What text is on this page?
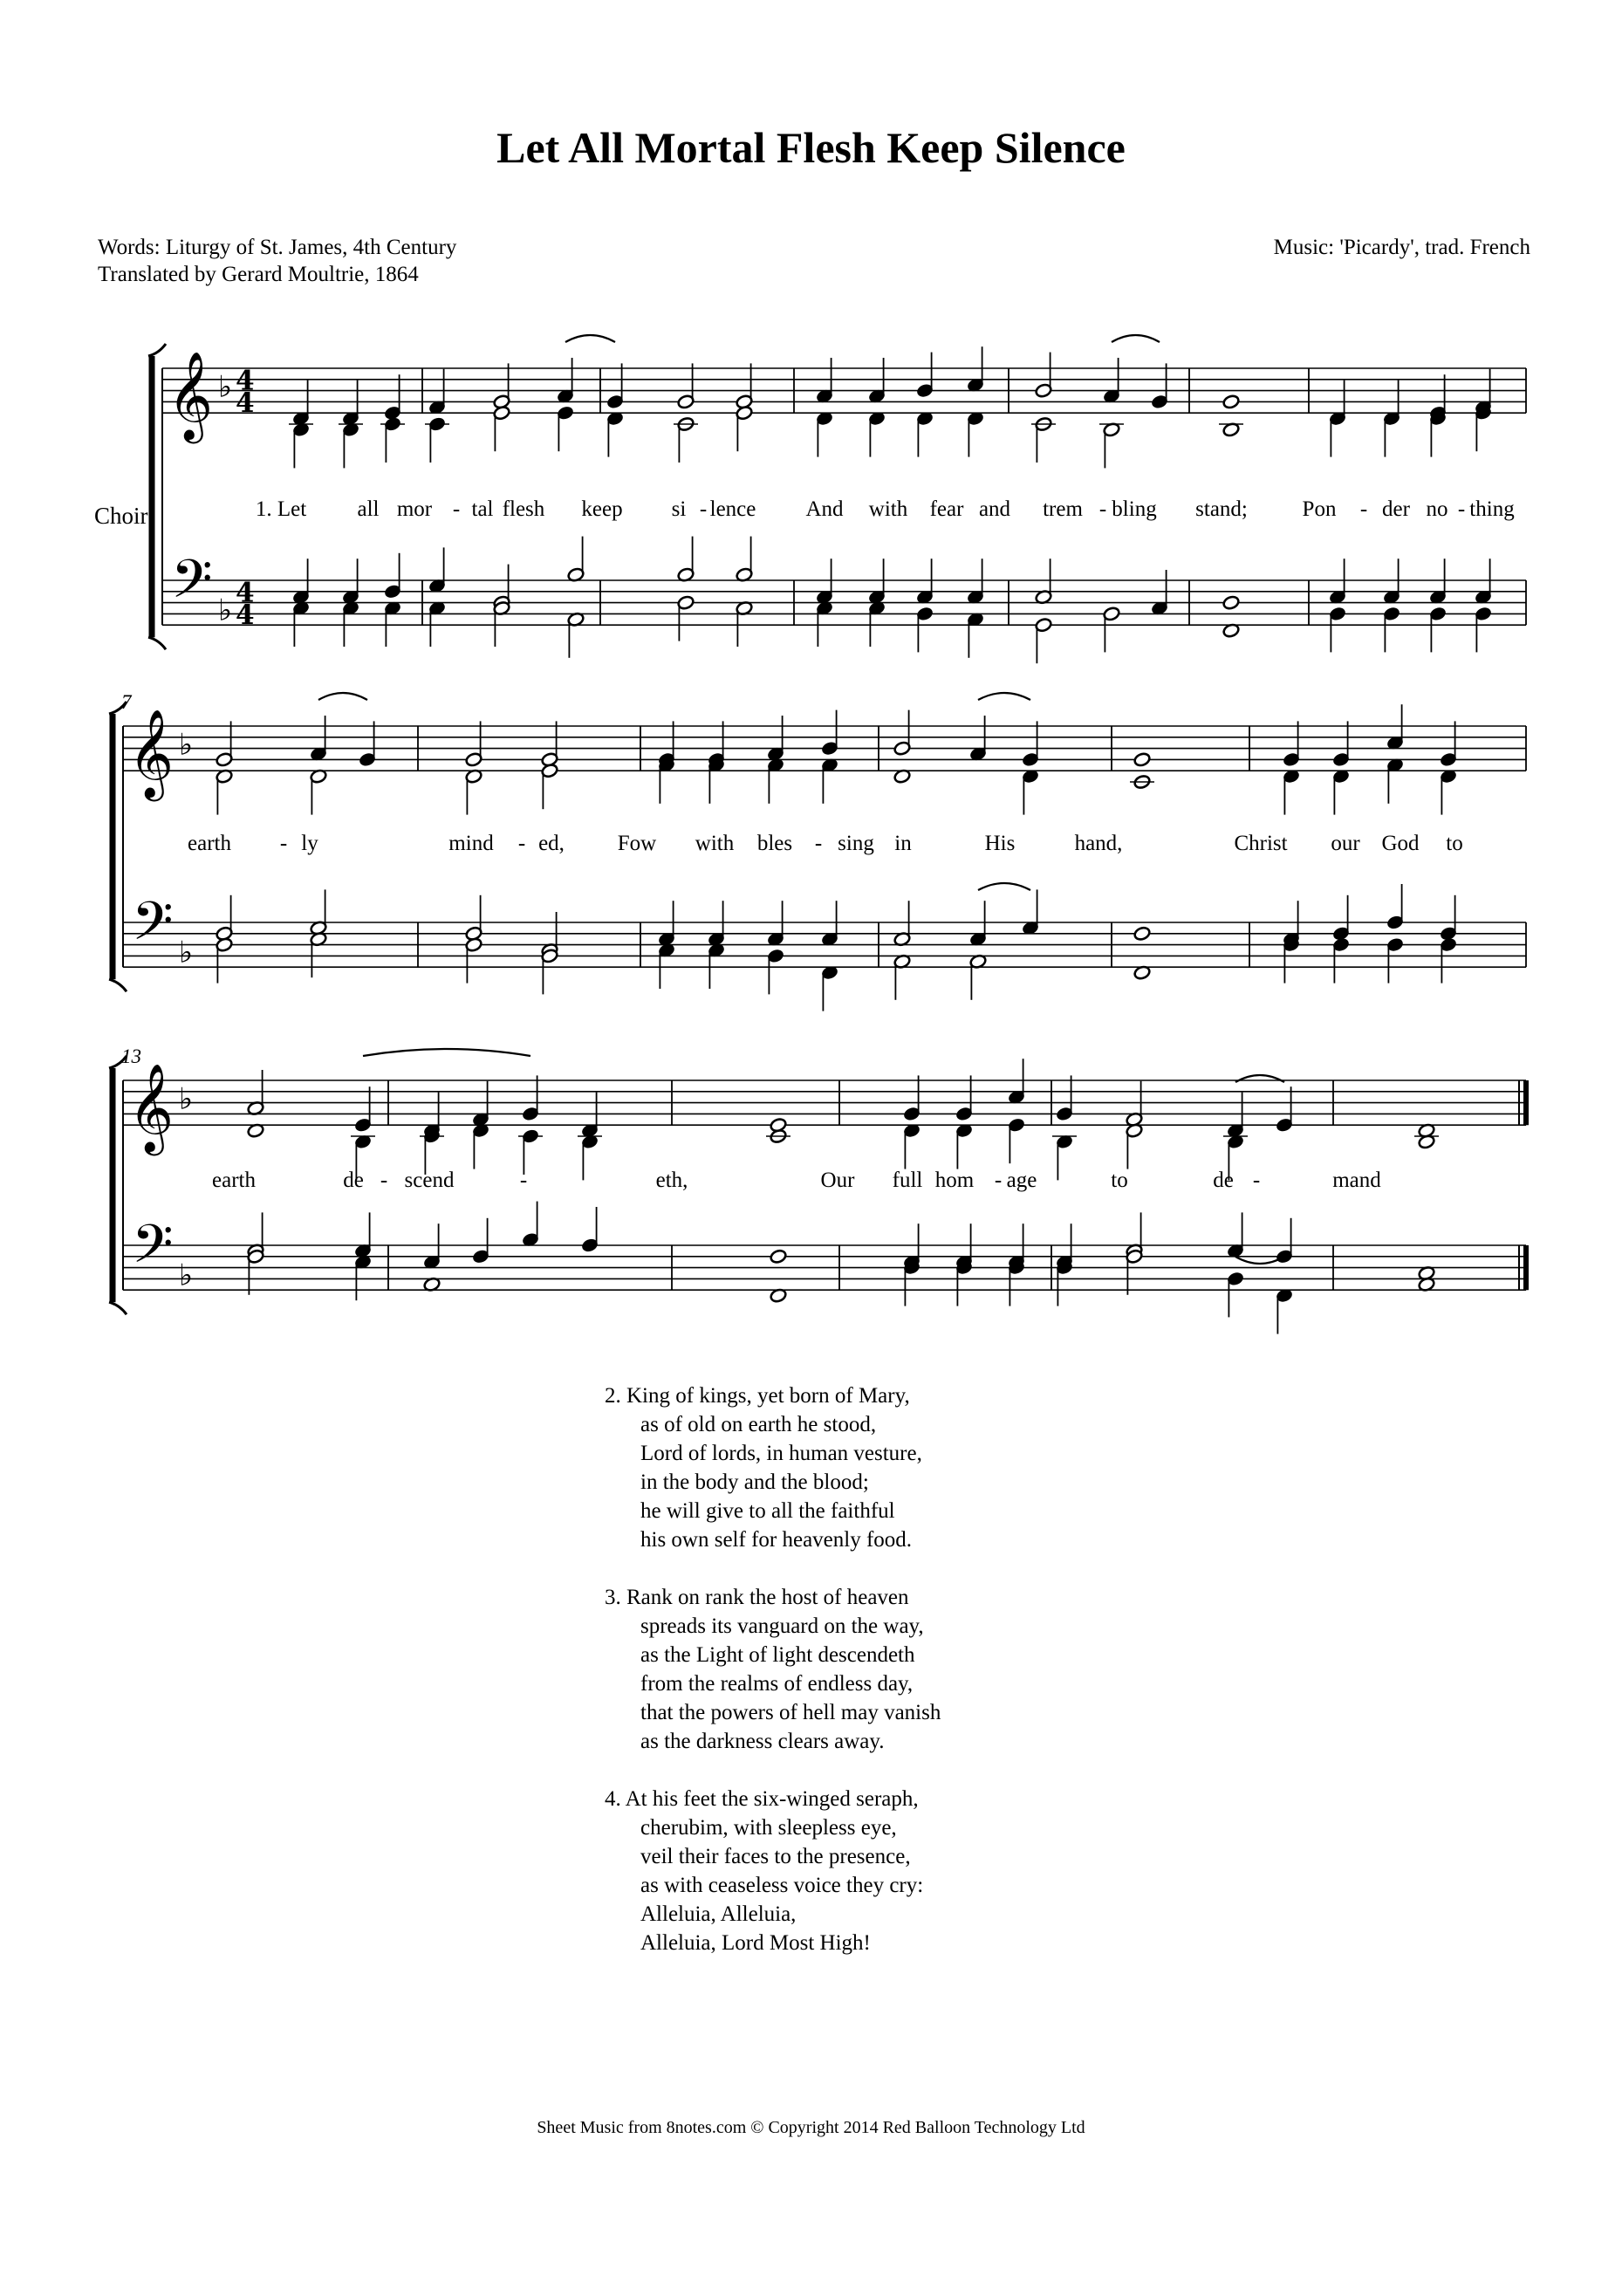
Let All Mortal Flesh Keep Silence
Words: Liturgy of St. James, 4th Century
Translated by Gerard Moultrie, 1864
Music: 'Picardy', trad. French
Choir
𝄞
𝄢
♭
♭
4
4
4
4
1. Let all mor - tal flesh keep si - lence And with fear and trem - bling stand;	Pon - der no - thing
𝄞
𝄢
♭
♭
7
earth - ly	mind - ed, Fow with bles - sing in	His	hand,	Christ our God to
𝄞
𝄢
♭
♭
13
earth	de - scend	-	eth,	Our full hom - age	to	de -	mand
2. King of kings, yet born of Mary,
as of old on earth he stood,
Lord of lords, in human vesture,
in the body and the blood;
he will give to all the faithful
his own self for heavenly food.
3. Rank on rank the host of heaven
spreads its vanguard on the way,
as the Light of light descendeth
from the realms of endless day,
that the powers of hell may vanish
as the darkness clears away.
4. At his feet the six-winged seraph,
cherubim, with sleepless eye,
veil their faces to the presence,
as with ceaseless voice they cry:
Alleluia, Alleluia,
Alleluia, Lord Most High!
Sheet Music from 8notes.com © Copyright 2014 Red Balloon Technology Ltd
